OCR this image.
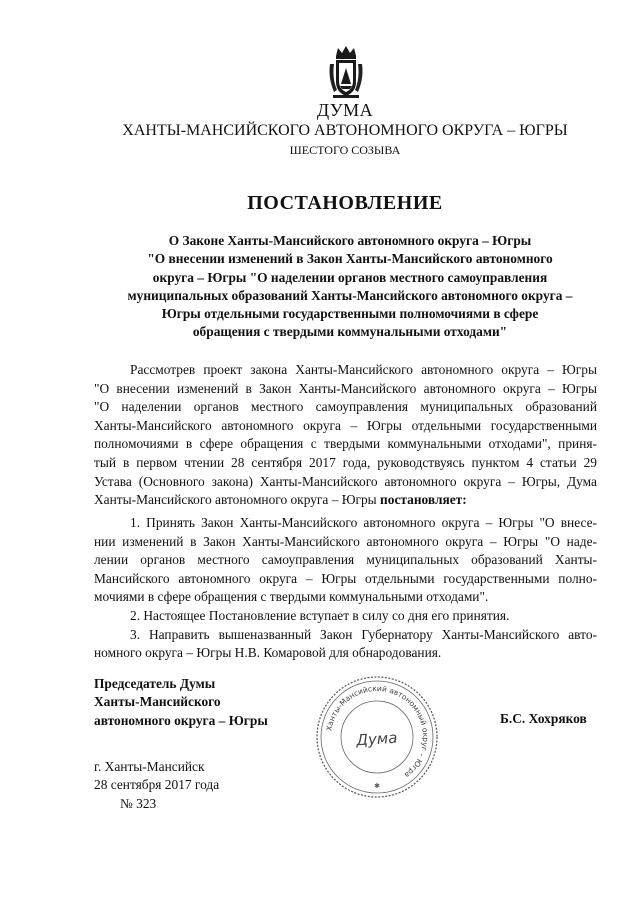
ДУМА
ХАНТЫ-МАНСИЙСКОГО АВТОНОМНОГО ОКРУГА – ЮГРЫ
ШЕСТОГО СОЗЫВА
ПОСТАНОВЛЕНИЕ
О Законе Ханты-Мансийского автономного округа – Югры
"О внесении изменений в Закон Ханты-Мансийского автономного
округа – Югры "О наделении органов местного самоуправления
муниципальных образований Ханты-Мансийского автономного округа –
Югры отдельными государственными полномочиями в сфере
обращения с твердыми коммунальными отходами"
Рассмотрев проект закона Ханты-Мансийского автономного округа – Югры
"О внесении изменений в Закон Ханты-Мансийского автономного округа – Югры
"О наделении органов местного самоуправления муниципальных образований
Ханты-Мансийского автономного округа – Югры отдельными государственными
полномочиями в сфере обращения с твердыми коммунальными отходами", приня-
тый в первом чтении 28 сентября 2017 года, руководствуясь пунктом 4 статьи 29
Устава (Основного закона) Ханты-Мансийского автономного округа – Югры, Дума
Ханты-Мансийского автономного округа – Югры постановляет:
1. Принять Закон Ханты-Мансийского автономного округа – Югры "О внесе-
нии изменений в Закон Ханты-Мансийского автономного округа – Югры "О наде-
лении органов местного самоуправления муниципальных образований Ханты-
Мансийского автономного округа – Югры отдельными государственными полно-
мочиями в сфере обращения с твердыми коммунальными отходами".
2. Настоящее Постановление вступает в силу со дня его принятия.
3. Направить вышеназванный Закон Губернатору Ханты-Мансийского авто-
номного округа – Югры Н.В. Комаровой для обнародования.
Председатель Думы
Ханты-Мансийского
автономного округа – Югры
Ханты-Мансийский автономный округ – Югра
Дума
✱
Б.С. Хохряков
г. Ханты-Мансийск
28 сентября 2017 года
№ 323
